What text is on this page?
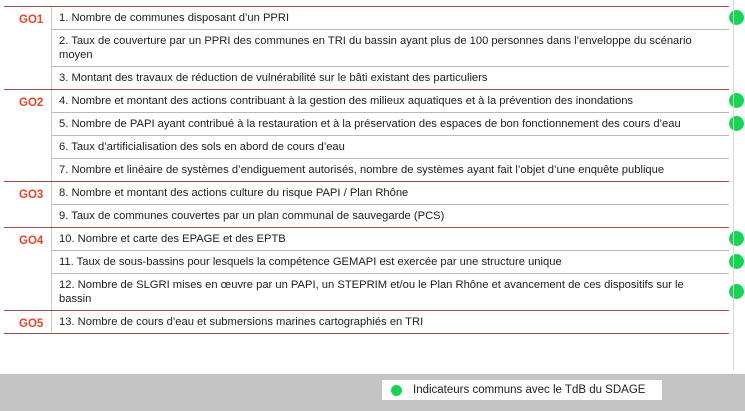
GO1	1. Nombre de communes disposant d’un PPRI
2. Taux de couverture par un PPRI des communes en TRI du bassin ayant plus de 100 personnes dans l’enveloppe du scénario moyen
3. Montant des travaux de réduction de vulnérabilité sur le bâti existant des particuliers
GO2	4. Nombre et montant des actions contribuant à la gestion des milieux aquatiques et à la prévention des inondations
5. Nombre de PAPI ayant contribué à la restauration et à la préservation des espaces de bon fonctionnement des cours d’eau
6. Taux d’artificialisation des sols en abord de cours d’eau
7. Nombre et linéaire de systèmes d’endiguement autorisés, nombre de systèmes ayant fait l’objet d’une enquête publique
GO3	8. Nombre et montant des actions culture du risque PAPI / Plan Rhône
9. Taux de communes couvertes par un plan communal de sauvegarde (PCS)
GO4	10. Nombre et carte des EPAGE et des EPTB
11. Taux de sous-bassins pour lesquels la compétence GEMAPI est exercée par une structure unique
12. Nombre de SLGRI mises en œuvre par un PAPI, un STEPRIM et/ou le Plan Rhône et avancement de ces dispositifs sur le bassin
GO5	13. Nombre de cours d’eau et submersions marines cartographiés en TRI
Indicateurs communs avec le TdB du SDAGE
